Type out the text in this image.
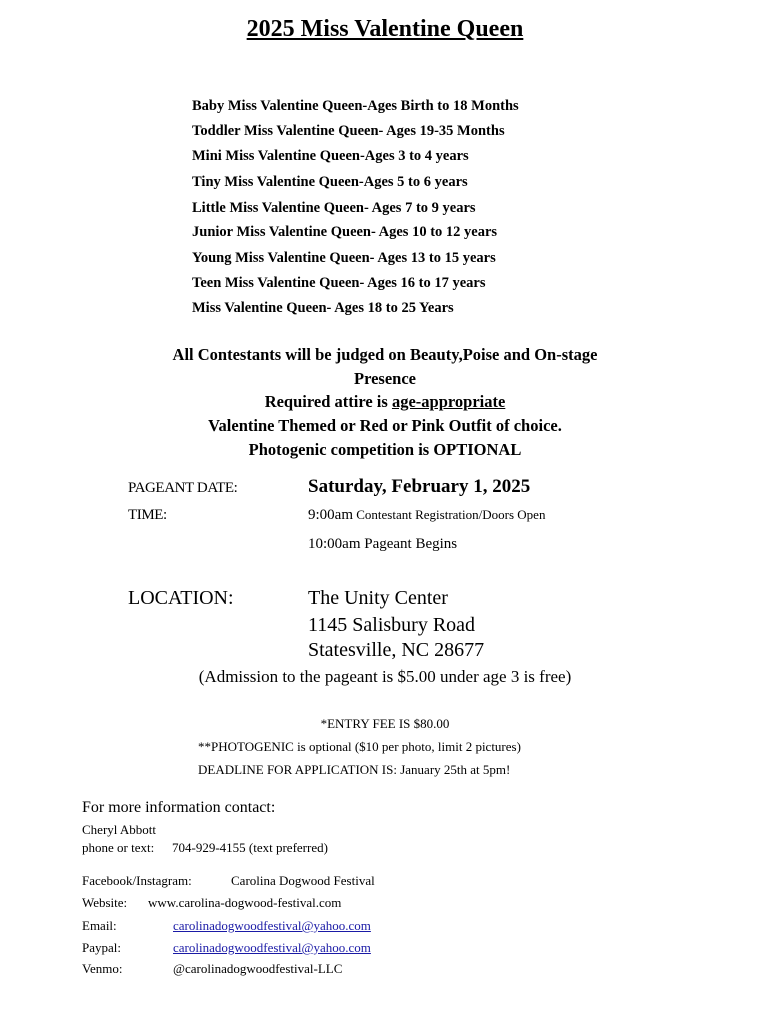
2025 Miss Valentine Queen
Baby Miss Valentine Queen-Ages Birth to 18 Months
Toddler Miss Valentine Queen- Ages 19-35 Months
Mini Miss Valentine Queen-Ages 3 to 4 years
Tiny Miss Valentine Queen-Ages 5 to 6 years
Little Miss Valentine Queen- Ages 7 to 9 years
Junior Miss Valentine Queen- Ages 10 to 12 years
Young Miss Valentine Queen- Ages 13 to 15 years
Teen Miss Valentine Queen- Ages 16 to 17 years
Miss Valentine Queen- Ages 18 to 25 Years
All Contestants will be judged on Beauty,Poise and On-stage
Presence
Required attire is age-appropriate
Valentine Themed or Red or Pink Outfit of choice.
Photogenic competition is OPTIONAL
PAGEANT DATE:	Saturday, February 1, 2025
TIME:	9:00am Contestant Registration/Doors Open
10:00am Pageant Begins
LOCATION:	The Unity Center
1145 Salisbury Road
Statesville, NC 28677
(Admission to the pageant is $5.00 under age 3 is free)
*ENTRY FEE IS $80.00
**PHOTOGENIC is optional ($10 per photo, limit 2 pictures)
DEADLINE FOR APPLICATION IS: January 25th at 5pm!
For more information contact:
Cheryl Abbott
phone or text: 704-929-4155 (text preferred)
Facebook/Instagram:	Carolina Dogwood Festival
Website: www.carolina-dogwood-festival.com
Email:	carolinadogwoodfestival@yahoo.com
Paypal:	carolinadogwoodfestival@yahoo.com
Venmo:	@carolinadogwoodfestival-LLC
